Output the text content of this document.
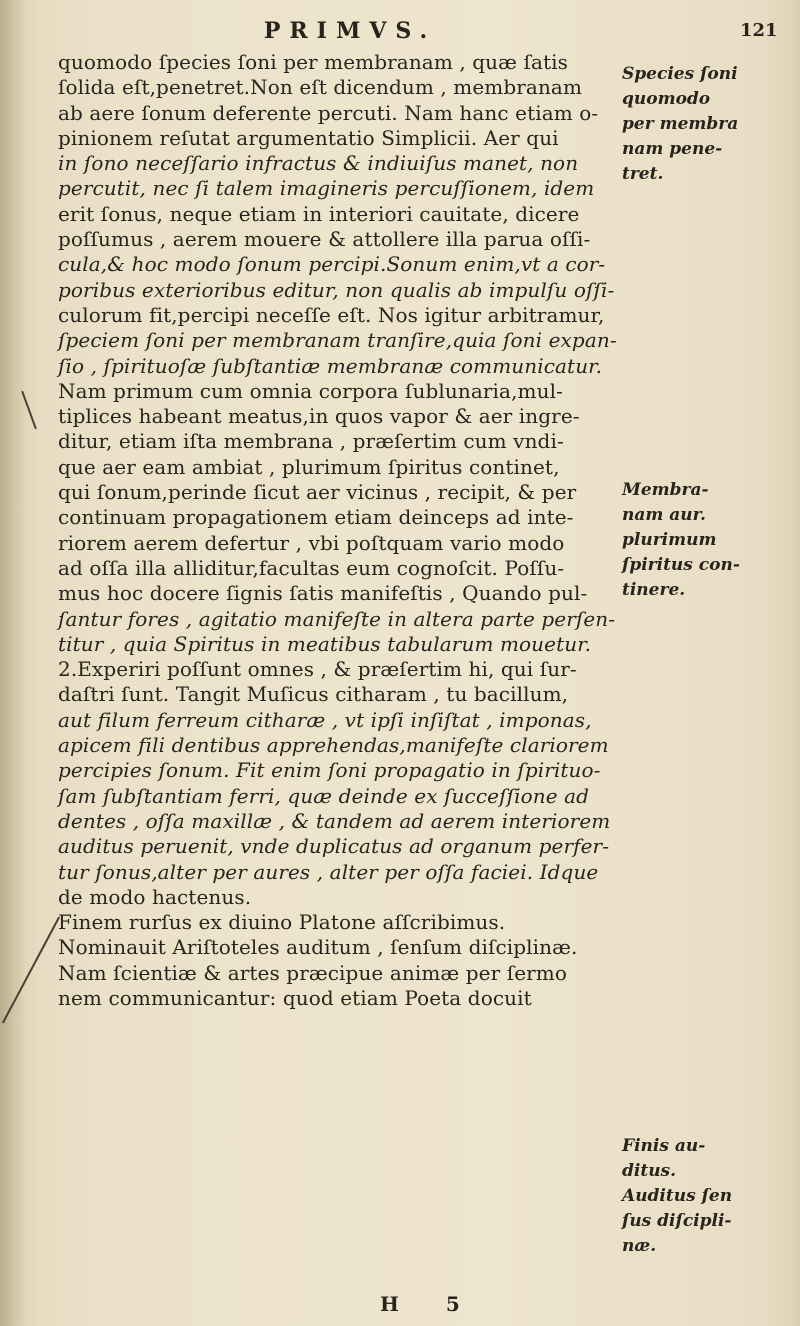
PRIMVS.	121
quomodo ſpecies ſoni per membranam , quæ ſatis
ſolida eſt,penetret.Non eſt dicendum , membranam
ab aere ſonum deferente percuti. Nam hanc etiam o-
pinionem reſutat argumentatio Simplicii. Aer qui
in ſono neceſſario infractus & indiuiſus manet, non
percutit, nec ſi talem imagineris percuſſionem, idem
erit ſonus, neque etiam in interiori cauitate, dicere
poſſumus , aerem mouere & attollere illa parua oſſi-
cula,& hoc modo ſonum percipi.Sonum enim,vt a cor-
poribus exterioribus editur, non qualis ab impulſu oſſi-
culorum fit,percipi neceſſe eſt. Nos igitur arbitramur,
ſpeciem ſoni per membranam tranſire,quia ſoni expan-
ſio , ſpirituoſæ ſubſtantiæ membranæ communicatur.
Nam primum cum omnia corpora ſublunaria,mul-
tiplices habeant meatus,in quos vapor & aer ingre-
ditur, etiam iſta membrana , præſertim cum vndi-
que aer eam ambiat , plurimum ſpiritus continet,
qui ſonum,perinde ſicut aer vicinus , recipit, & per
continuam propagationem etiam deinceps ad inte-
riorem aerem defertur , vbi poſtquam vario modo
ad oſſa illa alliditur,facultas eum cognoſcit. Poſſu-
mus hoc docere ſignis ſatis manifeſtis , Quando pul-
ſantur fores , agitatio manifeſte in altera parte perſen-
titur , quia Spiritus in meatibus tabularum mouetur.
2.Experiri poſſunt omnes , & præſertim hi, qui ſur-
daſtri ſunt. Tangit Muſicus citharam , tu bacillum,
aut filum ferreum citharæ , vt ipſi inſiſtat , imponas,
apicem fili dentibus apprehendas,manifeſte clariorem
percipies ſonum. Fit enim ſoni propagatio in ſpirituo-
ſam ſubſtantiam ferri, quæ deinde ex ſucceſſione ad
dentes , oſſa maxillæ , & tandem ad aerem interiorem
auditus peruenit, vnde duplicatus ad organum perfer-
tur ſonus,alter per aures , alter per oſſa faciei. Idque
de modo hactenus.
Finem rurſus ex diuino Platone aſſcribimus.
Nominauit Ariſtoteles auditum , ſenſum diſciplinæ.
Nam ſcientiæ & artes præcipue animæ per ſermo
nem communicantur: quod etiam Poeta docuit
H 5
Species ſoni
quomodo
per membra
nam pene-
tret.
Membra-
nam aur.
plurimum
ſpiritus con-
tinere.
Finis au-
ditus.
Auditus ſen
ſus diſcipli-
næ.
